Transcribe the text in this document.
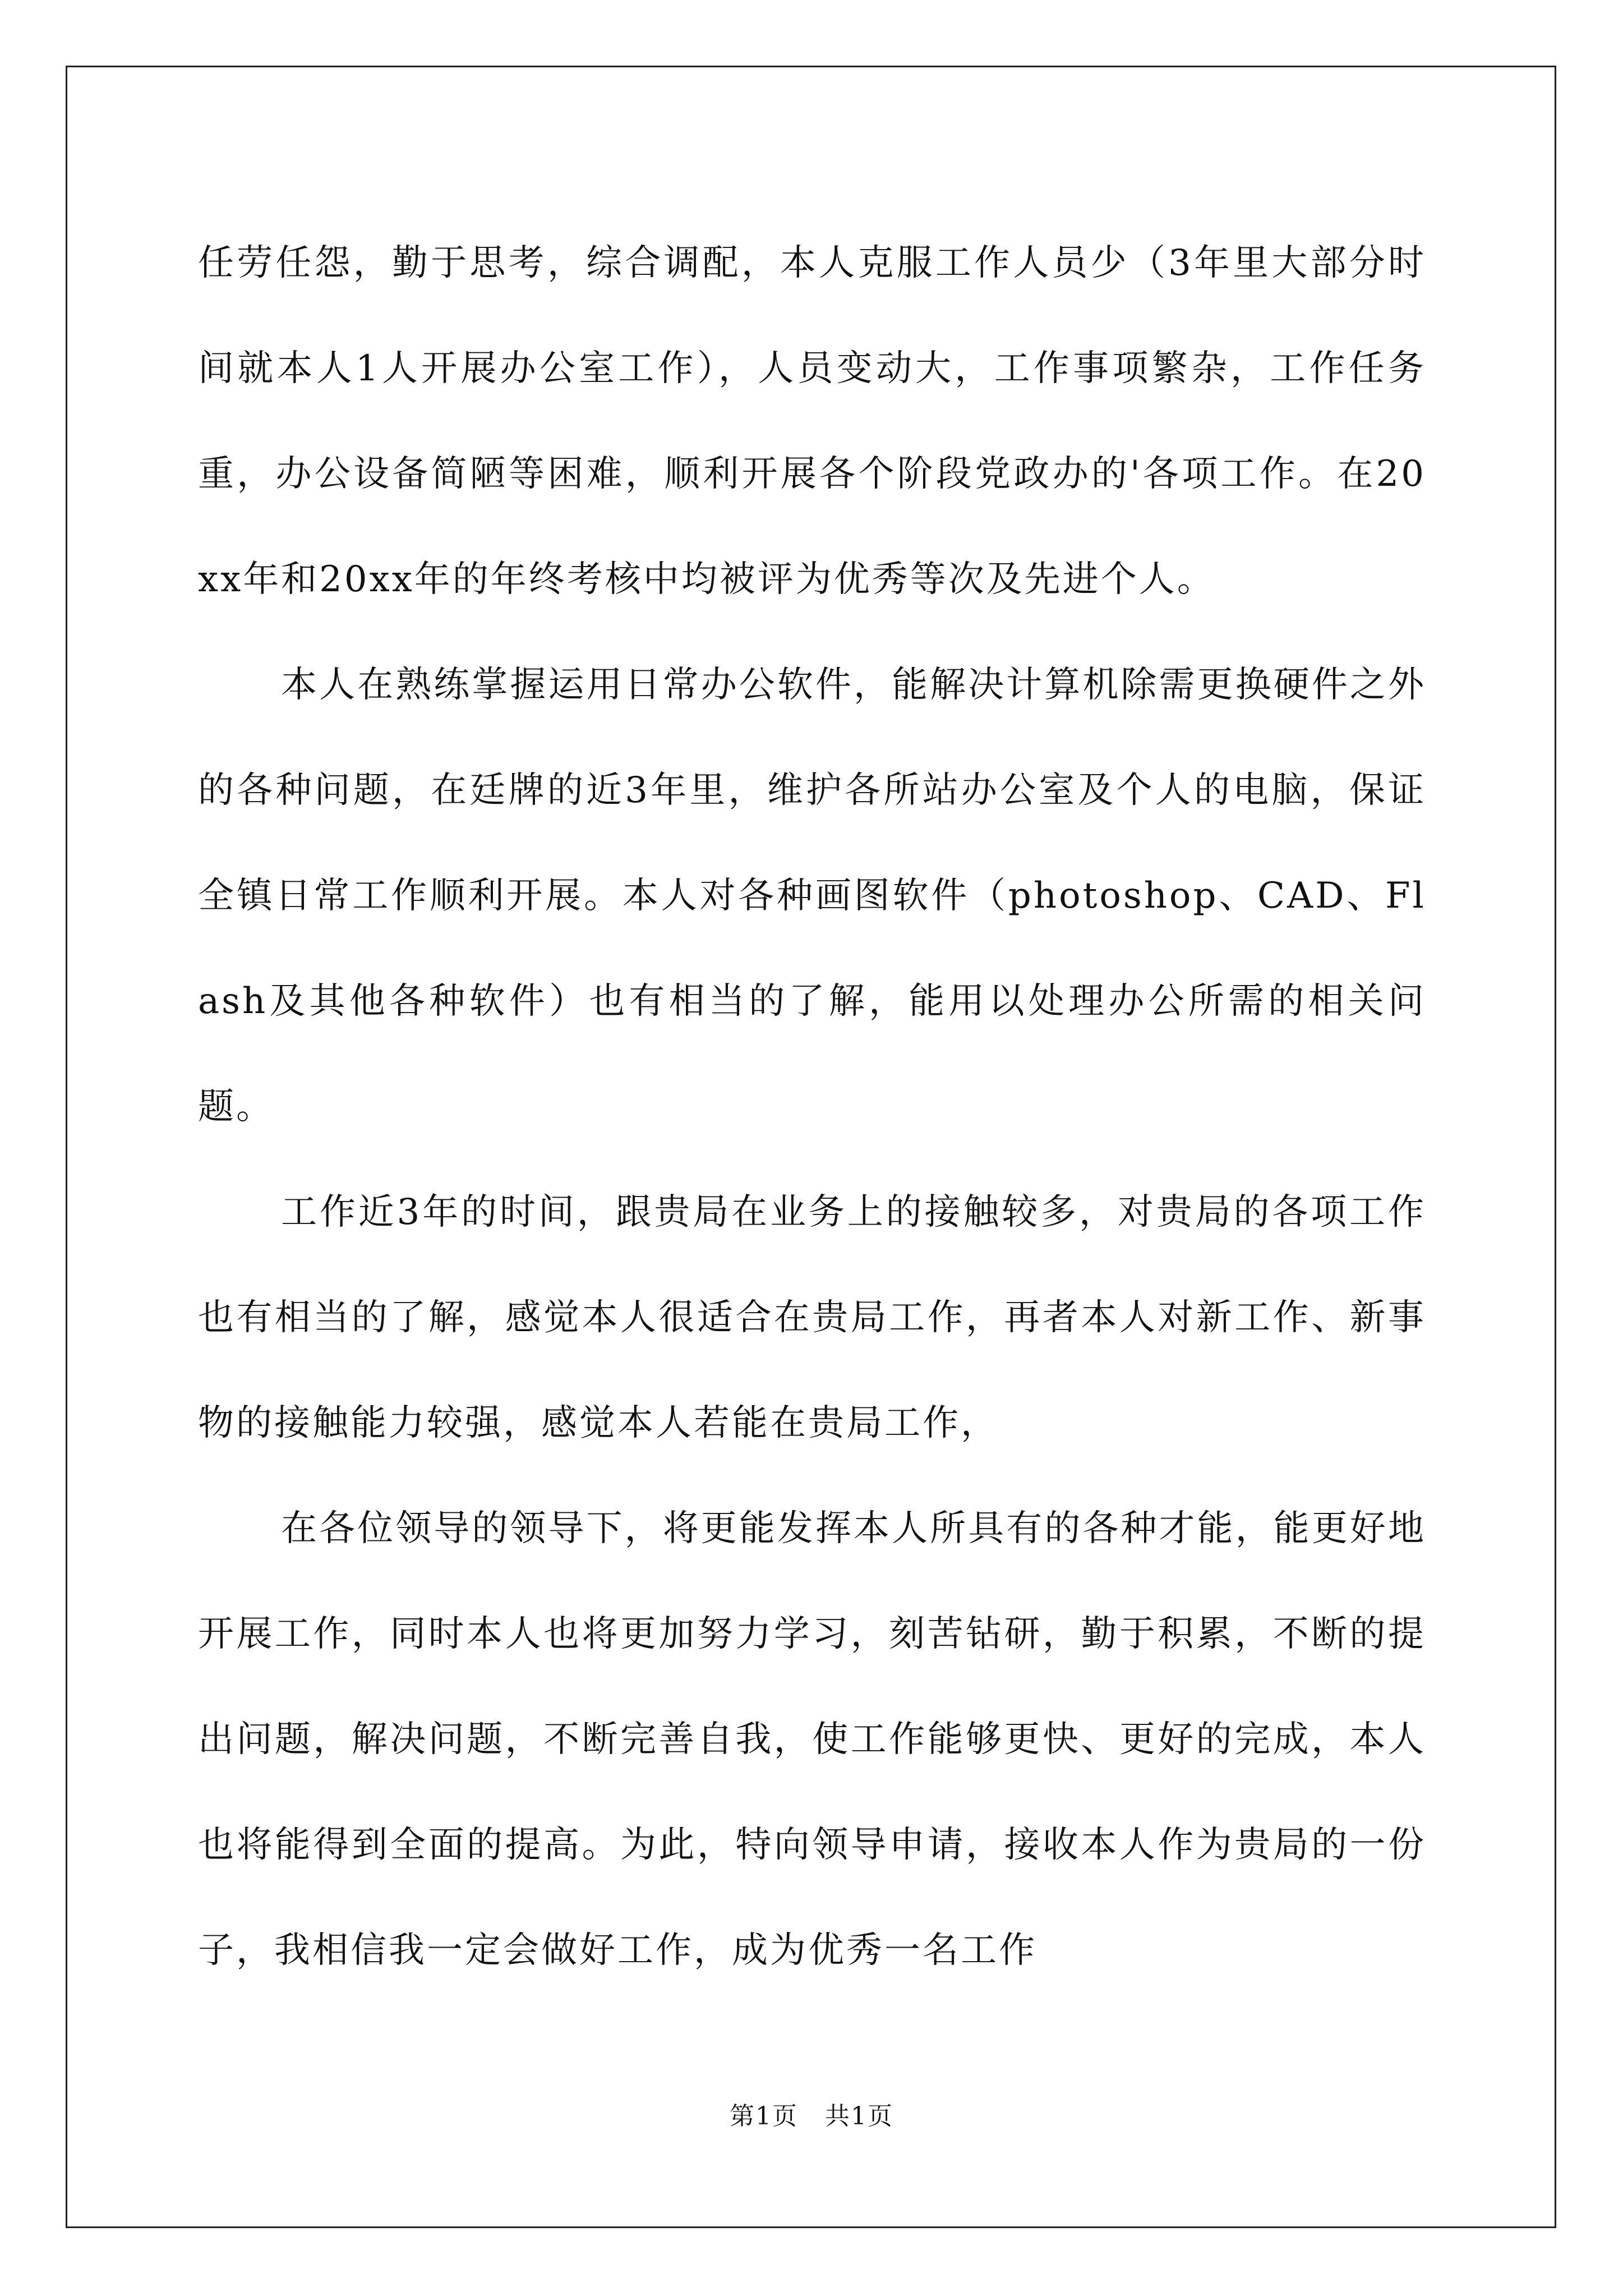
任劳任怨，勤于思考，综合调配，本人克服工作人员少（3年里大部分时间就本人1人开展办公室工作），人员变动大，工作事项繁杂，工作任务重，办公设备简陋等困难，顺利开展各个阶段党政办的'各项工作。在20xx年和20xx年的年终考核中均被评为优秀等次及先进个人。

本人在熟练掌握运用日常办公软件，能解决计算机除需更换硬件之外的各种问题，在廷牌的近3年里，维护各所站办公室及个人的电脑，保证全镇日常工作顺利开展。本人对各种画图软件（photoshop、CAD、Flash及其他各种软件）也有相当的了解，能用以处理办公所需的相关问题。

工作近3年的时间，跟贵局在业务上的接触较多，对贵局的各项工作也有相当的了解，感觉本人很适合在贵局工作，再者本人对新工作、新事物的接触能力较强，感觉本人若能在贵局工作，

在各位领导的领导下，将更能发挥本人所具有的各种才能，能更好地开展工作，同时本人也将更加努力学习，刻苦钻研，勤于积累，不断的提出问题，解决问题，不断完善自我，使工作能够更快、更好的完成，本人也将能得到全面的提高。为此，特向领导申请，接收本人作为贵局的一份子，我相信我一定会做好工作，成为优秀一名工作

第1页   共1页
